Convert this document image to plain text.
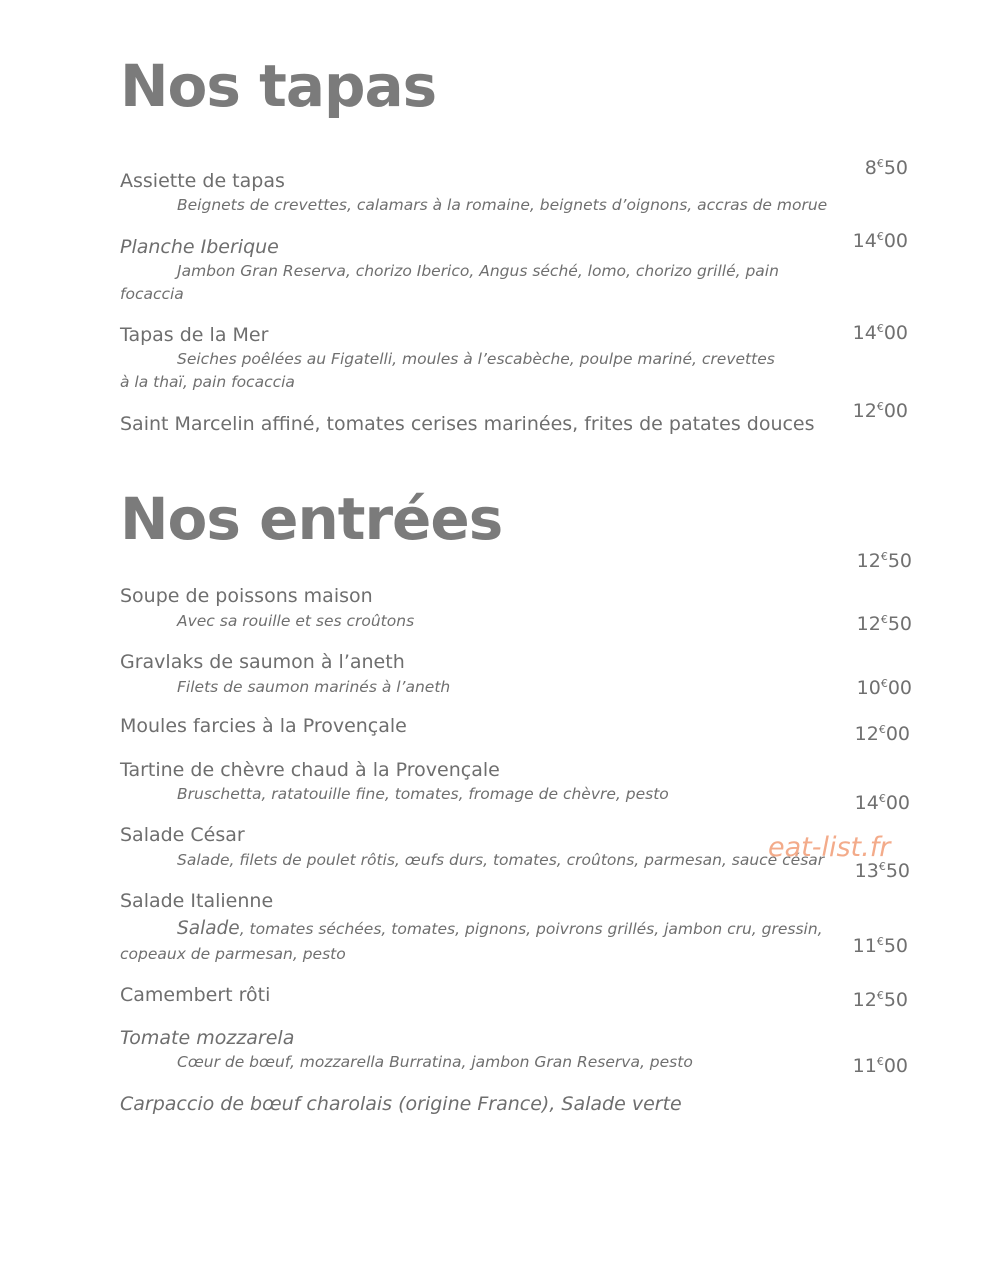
Nos tapas
Assiette de tapas
Beignets de crevettes, calamars à la romaine, beignets d’oignons, accras de morue
8€50
Planche Iberique
Jambon Gran Reserva, chorizo Iberico, Angus séché, lomo, chorizo grillé, pain
focaccia
14€00
Tapas de la Mer
Seiches poêlées au Figatelli, moules à l’escabèche, poulpe mariné, crevettes
à la thaï, pain focaccia
14€00
Saint Marcelin affiné, tomates cerises marinées, frites de patates douces
12€00
Nos entrées
Soupe de poissons maison
Avec sa rouille et ses croûtons
Gravlaks de saumon à l’aneth
Filets de saumon marinés à l’aneth
Moules farcies à la Provençale
Tartine de chèvre chaud à la Provençale
Bruschetta, ratatouille fine, tomates, fromage de chèvre, pesto
Salade César
Salade, filets de poulet rôtis, œufs durs, tomates, croûtons, parmesan, sauce césar
Salade Italienne
Salade, tomates séchées, tomates, pignons, poivrons grillés, jambon cru, gressin,
copeaux de parmesan, pesto
Camembert rôti
Tomate mozzarela
Cœur de bœuf, mozzarella Burratina, jambon Gran Reserva, pesto
Carpaccio de bœuf charolais (origine France), Salade verte
12€50
12€50
10€00
12€00
14€00
13€50
11€50
12€50
11€00
eat-list.fr
